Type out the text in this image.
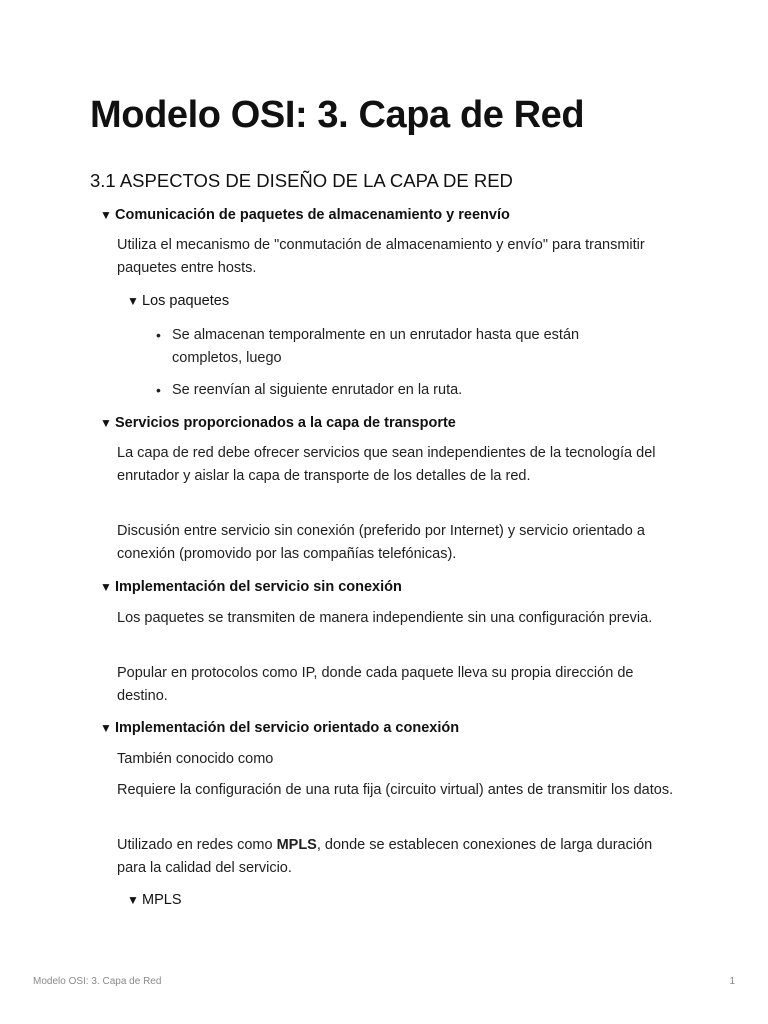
Modelo OSI: 3. Capa de Red
3.1 ASPECTOS DE DISEÑO DE LA CAPA DE RED
▼ Comunicación de paquetes de almacenamiento y reenvío

Utiliza el mecanismo de "conmutación de almacenamiento y envío" para transmitir paquetes entre hosts.

▼ Los paquetes
• Se almacenan temporalmente en un enrutador hasta que están completos, luego
• Se reenvían al siguiente enrutador en la ruta.
▼ Servicios proporcionados a la capa de transporte

La capa de red debe ofrecer servicios que sean independientes de la tecnología del enrutador y aislar la capa de transporte de los detalles de la red.

Discusión entre servicio sin conexión (preferido por Internet) y servicio orientado a conexión (promovido por las compañías telefónicas).

▼ Implementación del servicio sin conexión

Los paquetes se transmiten de manera independiente sin una configuración previa.

Popular en protocolos como IP, donde cada paquete lleva su propia dirección de destino.

▼ Implementación del servicio orientado a conexión

También conocido como

Requiere la configuración de una ruta fija (circuito virtual) antes de transmitir los datos.

Utilizado en redes como MPLS, donde se establecen conexiones de larga duración para la calidad del servicio.

▼ MPLS
Modelo OSI: 3. Capa de Red	1
